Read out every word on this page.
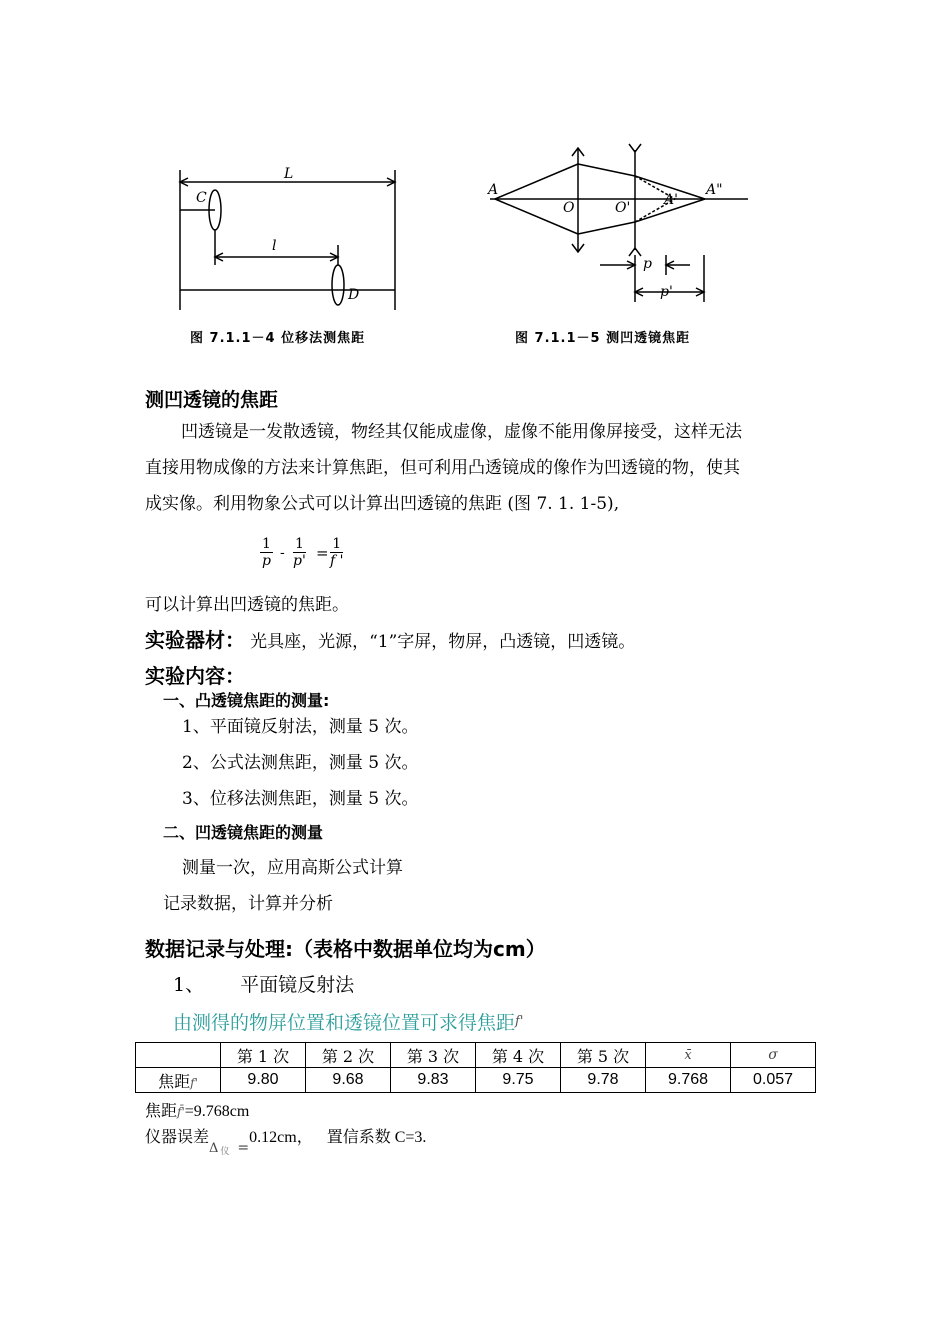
L
C
l
D
图 7.1.1－4 位移法测焦距
A
O	O' A'
A"
p
p'
图 7.1.1－5 测凹透镜焦距
测凹透镜的焦距
凹透镜是一发散透镜，物经其仅能成虚像，虚像不能用像屏接受，这样无法
直接用物成像的方法来计算焦距，但可利用凸透镜成的像作为凹透镜的物，使其
成实像。利用物象公式可以计算出凹透镜的焦距 (图 7. 1. 1-5),
$\frac{1}{p} - \frac{1}{p'} = \frac{1}{f '}$
可以计算出凹透镜的焦距。
实验器材： 光具座，光源，“1”字屏，物屏，凸透镜，凹透镜。
实验内容：
一、凸透镜焦距的测量:
1、平面镜反射法，测量 5 次。
2、公式法测焦距，测量 5 次。
3、位移法测焦距，测量 5 次。
二、凹透镜焦距的测量
测量一次，应用高斯公式计算
记录数据，计算并分析
数据记录与处理:（表格中数据单位均为cm）
1、 平面镜反射法
由测得的物屏位置和透镜位置可求得焦距$^{f'}$
	第 1 次	第 2 次	第 3 次	第 4 次	第 5 次	x̄	σ
焦距f'	9.80	9.68	9.83	9.75	9.78	9.768	0.057
焦距f̄'=9.768cm
仪器误差$_\Delta$ $_仪$ =0.12cm， 置信系数 C=3.
